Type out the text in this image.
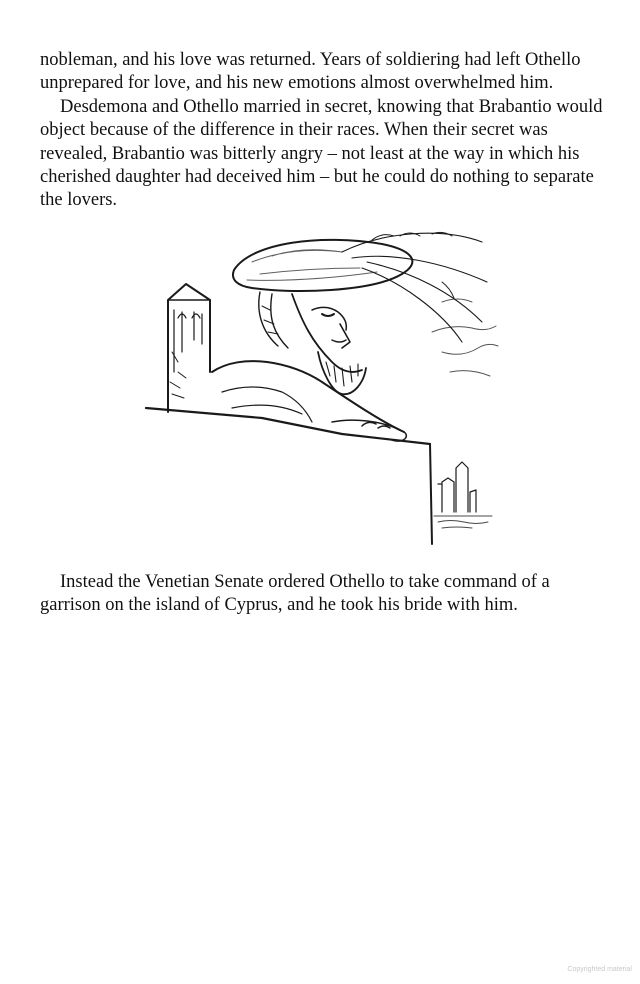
nobleman, and his love was returned. Years of soldiering had left Othello unprepared for love, and his new emotions almost overwhelmed him.

Desdemona and Othello married in secret, knowing that Brabantio would object because of the difference in their races. When their secret was revealed, Brabantio was bitterly angry – not least at the way in which his cherished daughter had deceived him – but he could do nothing to separate the lovers.

Instead the Venetian Senate ordered Othello to take command of a garrison on the island of Cyprus, and he took his bride with him.

Copyrighted material
